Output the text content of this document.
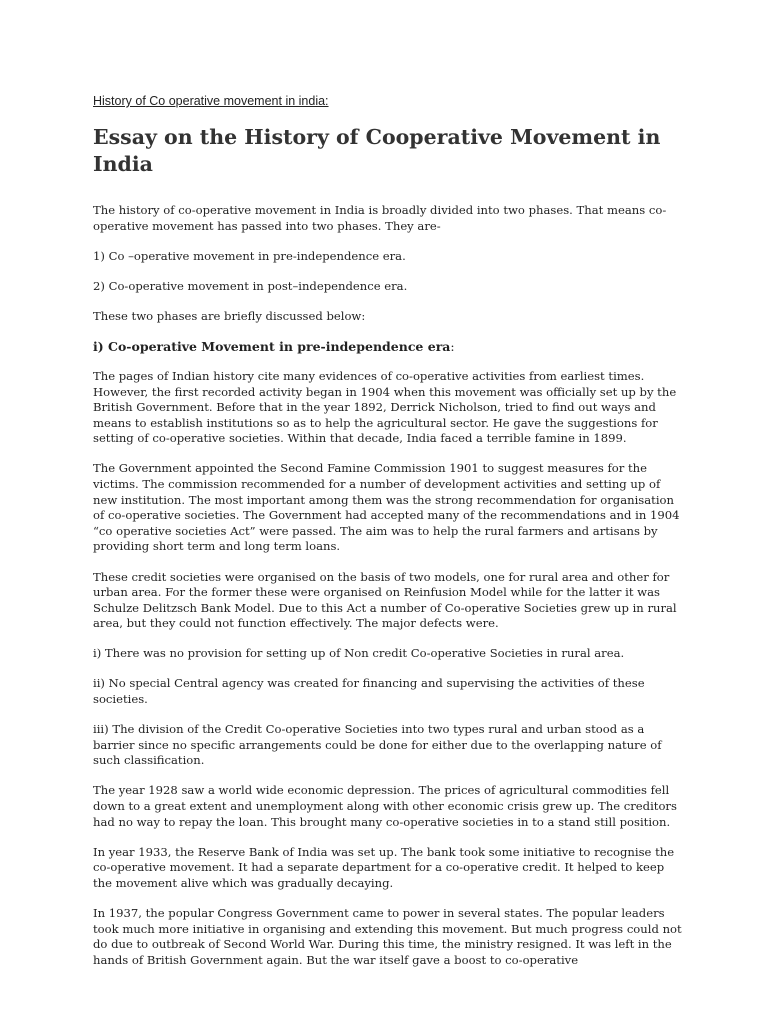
History of Co operative movement in india:
Essay on the History of Cooperative Movement in India

The history of co-operative movement in India is broadly divided into two phases. That means co-operative movement has passed into two phases. They are-

1) Co –operative movement in pre-independence era.

2) Co-operative movement in post–independence era.

These two phases are briefly discussed below:

i) Co-operative Movement in pre-independence era:

The pages of Indian history cite many evidences of co-operative activities from earliest times. However, the first recorded activity began in 1904 when this movement was officially set up by the British Government. Before that in the year 1892, Derrick Nicholson, tried to find out ways and means to establish institutions so as to help the agricultural sector. He gave the suggestions for setting of co-operative societies. Within that decade, India faced a terrible famine in 1899.

The Government appointed the Second Famine Commission 1901 to suggest measures for the victims. The commission recommended for a number of development activities and setting up of new institution. The most important among them was the strong recommendation for organisation of co-operative societies. The Government had accepted many of the recommendations and in 1904 “co operative societies Act” were passed. The aim was to help the rural farmers and artisans by providing short term and long term loans.

These credit societies were organised on the basis of two models, one for rural area and other for urban area. For the former these were organised on Reinfusion Model while for the latter it was Schulze Delitzsch Bank Model. Due to this Act a number of Co-operative Societies grew up in rural area, but they could not function effectively. The major defects were.

i) There was no provision for setting up of Non credit Co-operative Societies in rural area.

ii) No special Central agency was created for financing and supervising the activities of these societies.

iii) The division of the Credit Co-operative Societies into two types rural and urban stood as a barrier since no specific arrangements could be done for either due to the overlapping nature of such classification.

The year 1928 saw a world wide economic depression. The prices of agricultural commodities fell down to a great extent and unemployment along with other economic crisis grew up. The creditors had no way to repay the loan. This brought many co-operative societies in to a stand still position.

In year 1933, the Reserve Bank of India was set up. The bank took some initiative to recognise the co-operative movement. It had a separate department for a co-operative credit. It helped to keep the movement alive which was gradually decaying.

In 1937, the popular Congress Government came to power in several states. The popular leaders took much more initiative in organising and extending this movement. But much progress could not do due to outbreak of Second World War. During this time, the ministry resigned. It was left in the hands of British Government again. But the war itself gave a boost to co-operative
